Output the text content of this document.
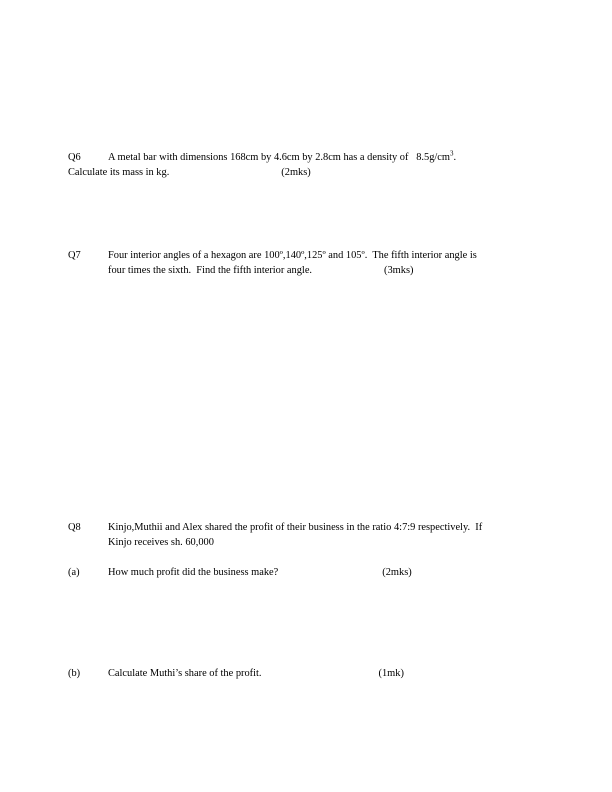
Q6	A metal bar with dimensions 168cm by 4.6cm by 2.8cm has a density of $8.5g/cm^3$.
Calculate its mass in kg.	(2mks)
Q7	Four interior angles of a hexagon are 100º,140º,125º and 105º.  The fifth interior angle is
four times the sixth.  Find the fifth interior angle.	(3mks)
Q8	Kinjo,Muthii and Alex shared the profit of their business in the ratio 4:7:9 respectively.  If
Kinjo receives sh. 60,000
(a)	How much profit did the business make?	(2mks)
(b)	Calculate Muthi’s share of the profit.	(1mk)
